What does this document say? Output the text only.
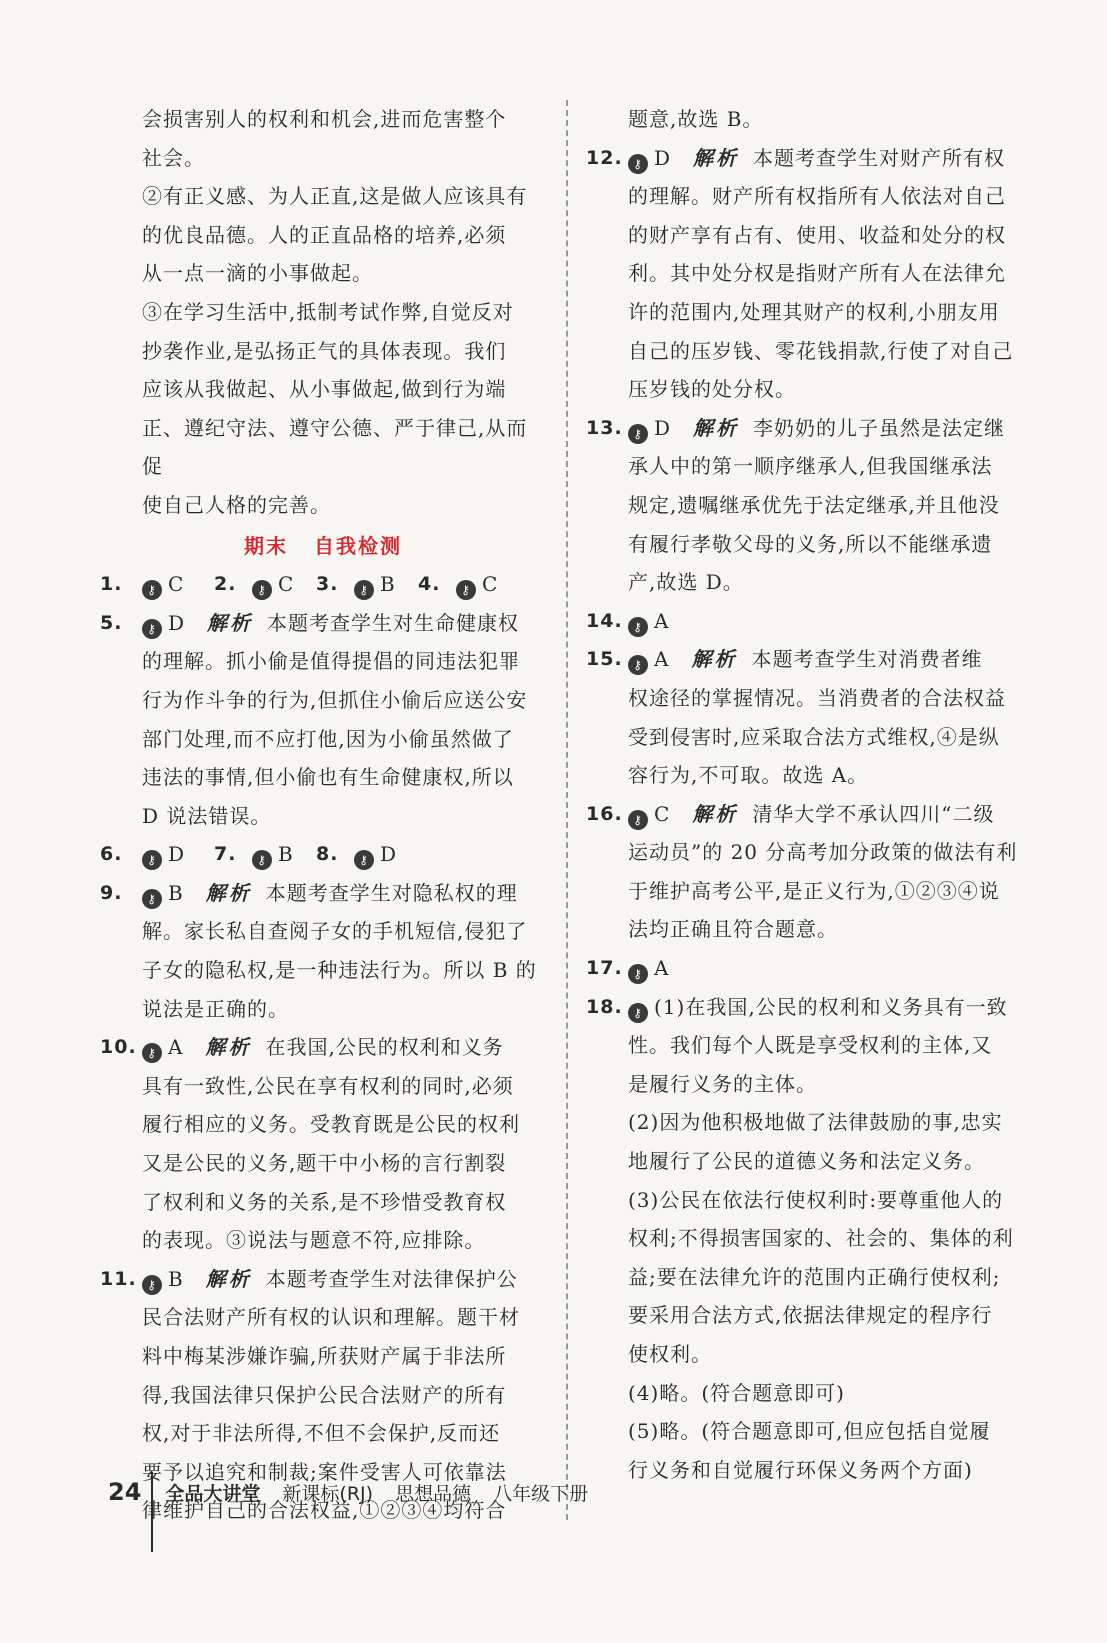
会损害别人的权利和机会,进而危害整个

社会。

②有正义感、为人正直,这是做人应该具有

的优良品德。人的正直品格的培养,必须

从一点一滴的小事做起。

③在学习生活中,抵制考试作弊,自觉反对

抄袭作业,是弘扬正气的具体表现。我们

应该从我做起、从小事做起,做到行为端

正、遵纪守法、遵守公德、严于律己,从而促

使自己人格的完善。

期末 自我检测

1. ⚷ C	2. ⚷ C	3. ⚷ B	4. ⚷ C
5. ⚷ D 解析 本题考查学生对生命健康权
的理解。抓小偷是值得提倡的同违法犯罪
行为作斗争的行为,但抓住小偷后应送公安
部门处理,而不应打他,因为小偷虽然做了
违法的事情,但小偷也有生命健康权,所以
D 说法错误。
6. ⚷ D	7. ⚷ B	8. ⚷ D
9. ⚷ B 解析 本题考查学生对隐私权的理
解。家长私自查阅子女的手机短信,侵犯了
子女的隐私权,是一种违法行为。所以 B 的
说法是正确的。
10. ⚷ A 解析 在我国,公民的权利和义务
具有一致性,公民在享有权利的同时,必须
履行相应的义务。受教育既是公民的权利
又是公民的义务,题干中小杨的言行割裂
了权利和义务的关系,是不珍惜受教育权
的表现。③说法与题意不符,应排除。
11. ⚷ B 解析 本题考查学生对法律保护公
民合法财产所有权的认识和理解。题干材
料中梅某涉嫌诈骗,所获财产属于非法所
得,我国法律只保护公民合法财产的所有
权,对于非法所得,不但不会保护,反而还
要予以追究和制裁;案件受害人可依靠法
律维护自己的合法权益,①②③④均符合

题意,故选 B。

12. ⚷ D 解析 本题考查学生对财产所有权
的理解。财产所有权指所有人依法对自己
的财产享有占有、使用、收益和处分的权
利。其中处分权是指财产所有人在法律允
许的范围内,处理其财产的权利,小朋友用
自己的压岁钱、零花钱捐款,行使了对自己
压岁钱的处分权。
13. ⚷ D 解析 李奶奶的儿子虽然是法定继
承人中的第一顺序继承人,但我国继承法
规定,遗嘱继承优先于法定继承,并且他没
有履行孝敬父母的义务,所以不能继承遗
产,故选 D。
14. ⚷ A
15. ⚷ A 解析 本题考查学生对消费者维
权途径的掌握情况。当消费者的合法权益
受到侵害时,应采取合法方式维权,④是纵
容行为,不可取。故选 A。
16. ⚷ C 解析 清华大学不承认四川“二级
运动员”的 20 分高考加分政策的做法有利
于维护高考公平,是正义行为,①②③④说
法均正确且符合题意。
17. ⚷ A
18. ⚷ (1)在我国,公民的权利和义务具有一致
性。我们每个人既是享受权利的主体,又
是履行义务的主体。
(2)因为他积极地做了法律鼓励的事,忠实
地履行了公民的道德义务和法定义务。
(3)公民在依法行使权利时:要尊重他人的
权利;不得损害国家的、社会的、集体的利
益;要在法律允许的范围内正确行使权利;
要采用合法方式,依据法律规定的程序行
使权利。
(4)略。(符合题意即可)
(5)略。(符合题意即可,但应包括自觉履
行义务和自觉履行环保义务两个方面)
24 全品大讲堂 新课标(RJ) 思想品德 八年级下册
